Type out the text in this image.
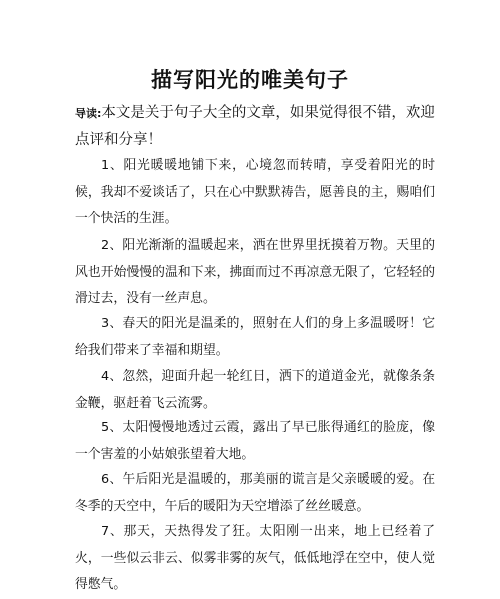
描写阳光的唯美句子
导读:本文是关于句子大全的文章，如果觉得很不错，欢迎点评和分享！
1、阳光暖暖地铺下来，心境忽而转晴，享受着阳光的时候，我却不爱谈话了，只在心中默默祷告，愿善良的主，赐咱们一个快活的生涯。
2、阳光渐渐的温暖起来，洒在世界里抚摸着万物。天里的风也开始慢慢的温和下来，拂面而过不再凉意无限了，它轻轻的滑过去，没有一丝声息。
3、春天的阳光是温柔的，照射在人们的身上多温暖呀！它给我们带来了幸福和期望。
4、忽然，迎面升起一轮红日，洒下的道道金光，就像条条金鞭，驱赶着飞云流雾。
5、太阳慢慢地透过云霞，露出了早已胀得通红的脸庞，像一个害羞的小姑娘张望着大地。
6、午后阳光是温暖的，那美丽的谎言是父亲暖暖的爱。在冬季的天空中，午后的暖阳为天空增添了丝丝暖意。
7、那天，天热得发了狂。太阳刚一出来，地上已经着了火，一些似云非云、似雾非雾的灰气，低低地浮在空中，使人觉得憋气。
